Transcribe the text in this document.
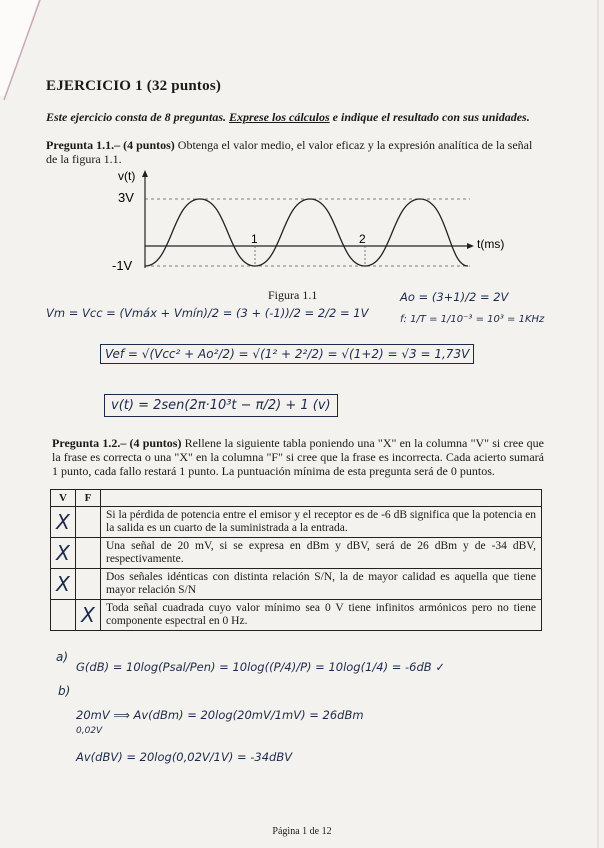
EJERCICIO 1 (32 puntos)
Este ejercicio consta de 8 preguntas. Exprese los cálculos e indique el resultado con sus unidades.
Pregunta 1.1.– (4 puntos) Obtenga el valor medio, el valor eficaz y la expresión analítica de la señal de la figura 1.1.
v(t)
3V
-1V
t(ms)
1	2
Figura 1.1
Vm = Vcc = (Vmáx + Vmín)/2 = (3 + (-1))/2 = 2/2 = 1V
Ao = (3+1)/2 = 2V
f: 1/T = 1/10⁻³ = 10³ = 1KHz
Vef = √(Vcc² + Ao²/2) = √(1² + 2²/2) = √(1+2) = √3 = 1,73V
v(t) = 2sen(2π·10³t − π/2) + 1 (v)
Pregunta 1.2.– (4 puntos) Rellene la siguiente tabla poniendo una "X" en la columna "V" si cree que la frase es correcta o una "X" en la columna "F" si cree que la frase es incorrecta. Cada acierto sumará 1 punto, cada fallo restará 1 punto. La puntuación mínima de esta pregunta será de 0 puntos.
V	F	
X		Si la pérdida de potencia entre el emisor y el receptor es de -6 dB significa que la potencia en la salida es un cuarto de la suministrada a la entrada.
X		Una señal de 20 mV, si se expresa en dBm y dBV, será de 26 dBm y de -34 dBV, respectivamente.
X		Dos señales idénticas con distinta relación S/N, la de mayor calidad es aquella que tiene mayor relación S/N
	X	Toda señal cuadrada cuyo valor mínimo sea 0 V tiene infinitos armónicos pero no tiene componente espectral en 0 Hz.
a)
G(dB) = 10log(Psal/Pen) = 10log((P/4)/P) = 10log(1/4) = -6dB ✓
b)
20mV ⟹ Av(dBm) = 20log(20mV/1mV) = 26dBm
0,02V
Av(dBV) = 20log(0,02V/1V) = -34dBV
Página 1 de 12
